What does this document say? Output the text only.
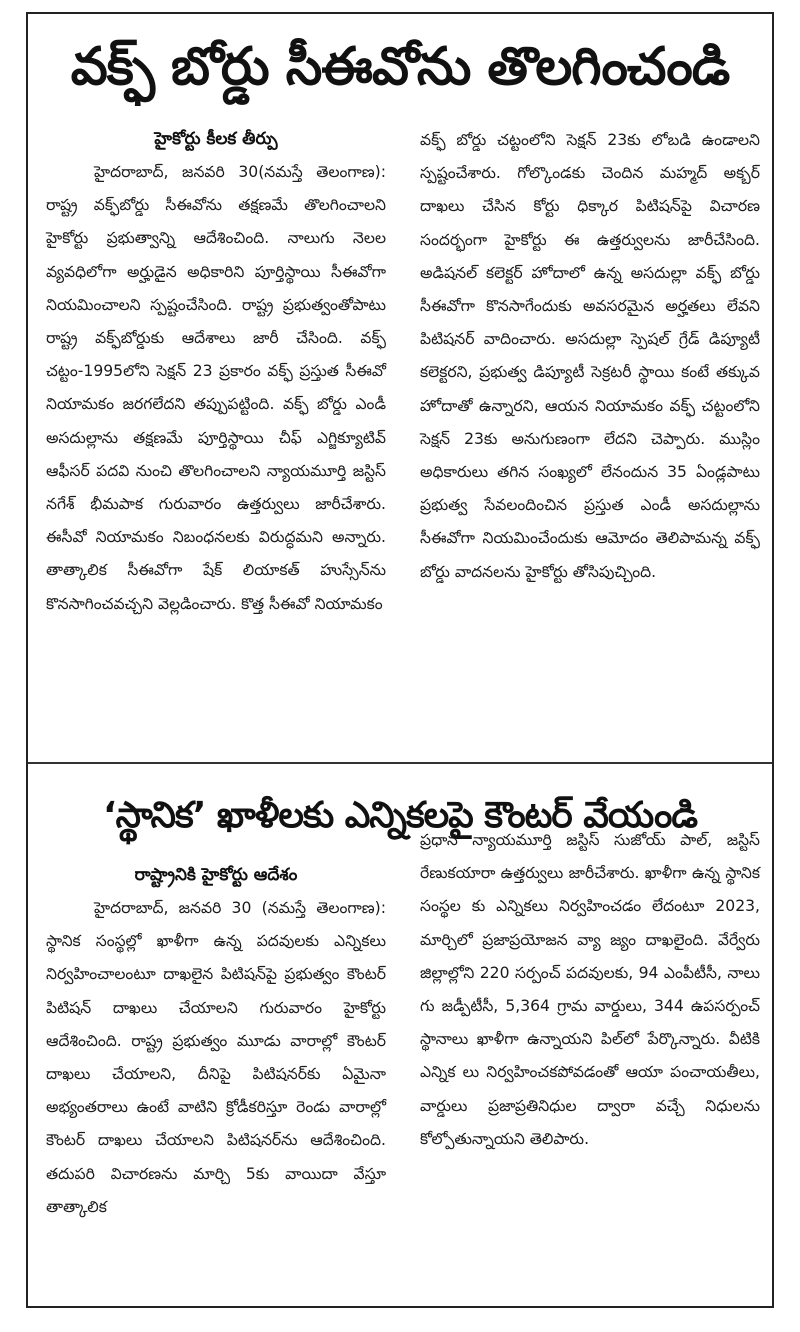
వక్ఫ్ బోర్డు సీఈవోను తొలగించండి
హైకోర్టు కీలక తీర్పు

హైదరాబాద్, జనవరి 30(నమస్తే తెలంగాణ): రాష్ట్ర వక్ఫ్‌బోర్డు సీఈవోను తక్షణమే తొలగించాలని హైకోర్టు ప్రభుత్వాన్ని ఆదేశించింది. నాలుగు నెలల వ్యవధిలోగా అర్హుడైన అధికారిని పూర్తిస్థాయి సీఈవోగా నియమించాలని స్పష్టంచేసింది. రాష్ట్ర ప్రభుత్వంతోపాటు రాష్ట్ర వక్ఫ్‌బోర్డుకు ఆదేశాలు జారీ చేసింది. వక్ఫ్ చట్టం-1995లోని సెక్షన్ 23 ప్రకారం వక్ఫ్ ప్రస్తుత సీఈవో నియామకం జరగలేదని తప్పుపట్టింది. వక్ఫ్ బోర్డు ఎండీ అసదుల్లాను తక్షణమే పూర్తిస్థాయి చీఫ్ ఎగ్జిక్యూటివ్ ఆఫీసర్ పదవి నుంచి తొలగించాలని న్యాయమూర్తి జస్టిస్ నగేశ్ భీమపాక గురువారం ఉత్తర్వులు జారీచేశారు. ఈసీవో నియామకం నిబంధనలకు విరుద్ధమని అన్నారు. తాత్కాలిక సీఈవోగా షేక్ లియాకత్ హుస్సేన్‌ను కొనసాగించవచ్చని వెల్లడించారు. కొత్త సీఈవో నియామకం

వక్ఫ్ బోర్డు చట్టంలోని సెక్షన్ 23కు లోబడి ఉండాలని స్పష్టంచేశారు. గోల్కొండకు చెందిన మహ్మద్ అక్బర్ దాఖలు చేసిన కోర్టు ధిక్కార పిటిషన్‌పై విచారణ సందర్భంగా హైకోర్టు ఈ ఉత్తర్వులను జారీచేసింది. అడిషనల్ కలెక్టర్ హోదాలో ఉన్న అసదుల్లా వక్ఫ్ బోర్డు సీఈవోగా కొనసాగేందుకు అవసరమైన అర్హతలు లేవని పిటిషనర్ వాదించారు. అసదుల్లా స్పెషల్ గ్రేడ్ డిప్యూటీ కలెక్టరని, ప్రభుత్వ డిప్యూటీ సెక్రటరీ స్థాయి కంటే తక్కువ హోదాతో ఉన్నారని, ఆయన నియామకం వక్ఫ్ చట్టంలోని సెక్షన్ 23కు అనుగుణంగా లేదని చెప్పారు. ముస్లిం అధికారులు తగిన సంఖ్యలో లేనందున 35 ఏండ్లపాటు ప్రభుత్వ సేవలందించిన ప్రస్తుత ఎండీ అసదుల్లాను సీఈవోగా నియమించేందుకు ఆమోదం తెలిపామన్న వక్ఫ్ బోర్డు వాదనలను హైకోర్టు తోసిపుచ్చింది.

‘స్థానిక’ ఖాళీలకు ఎన్నికలపై కౌంటర్ వేయండి
రాష్ట్రానికి హైకోర్టు ఆదేశం

హైదరాబాద్, జనవరి 30 (నమస్తే తెలంగాణ): స్థానిక సంస్థల్లో ఖాళీగా ఉన్న పదవులకు ఎన్నికలు నిర్వహించాలంటూ దాఖలైన పిటిషన్‌పై ప్రభుత్వం కౌంటర్ పిటిషన్ దాఖలు చేయాలని గురువారం హైకోర్టు ఆదేశించింది. రాష్ట్ర ప్రభుత్వం మూడు వారాల్లో కౌంటర్ దాఖలు చేయాలని, దీనిపై పిటిషనర్‌కు ఏమైనా అభ్యంతరాలు ఉంటే వాటిని క్రోడీకరిస్తూ రెండు వారాల్లో కౌంటర్ దాఖలు చేయాలని పిటిషనర్‌ను ఆదేశించింది. తదుపరి విచారణను మార్చి 5కు వాయిదా వేస్తూ తాత్కాలిక

ప్రధాన న్యాయమూర్తి జస్టిస్ సుజోయ్ పాల్, జస్టిస్ రేణుకయారా ఉత్తర్వులు జారీచేశారు. ఖాళీగా ఉన్న స్థానిక సంస్థల కు ఎన్నికలు నిర్వహించడం లేదంటూ 2023, మార్చిలో ప్రజాప్రయోజన వ్యా జ్యం దాఖలైంది. వేర్వేరు జిల్లాల్లోని 220 సర్పంచ్ పదవులకు, 94 ఎంపీటీసీ, నాలు గు జడ్పీటీసీ, 5,364 గ్రామ వార్డులు, 344 ఉపసర్పంచ్ స్థానాలు ఖాళీగా ఉన్నాయని పిల్‌లో పేర్కొన్నారు. వీటికి ఎన్నిక లు నిర్వహించకపోవడంతో ఆయా పంచాయతీలు, వార్డులు ప్రజాప్రతినిధుల ద్వారా వచ్చే నిధులను కోల్పోతున్నాయని తెలిపారు.
